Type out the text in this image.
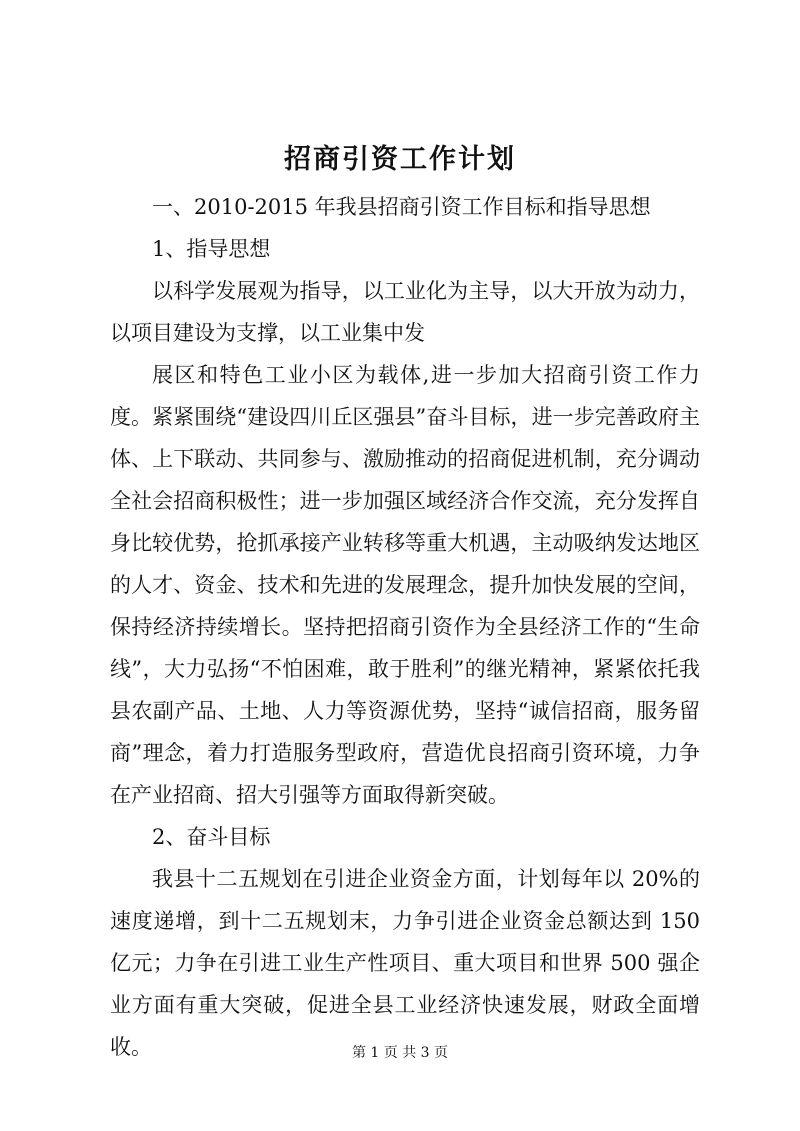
招商引资工作计划

一、2010-2015 年我县招商引资工作目标和指导思想

1、指导思想

以科学发展观为指导，以工业化为主导，以大开放为动力，以项目建设为支撑，以工业集中发

展区和特色工业小区为载体,进一步加大招商引资工作力度。紧紧围绕“建设四川丘区强县”奋斗目标，进一步完善政府主体、上下联动、共同参与、激励推动的招商促进机制，充分调动全社会招商积极性；进一步加强区域经济合作交流，充分发挥自身比较优势，抢抓承接产业转移等重大机遇，主动吸纳发达地区的人才、资金、技术和先进的发展理念，提升加快发展的空间，保持经济持续增长。坚持把招商引资作为全县经济工作的“生命线”，大力弘扬“不怕困难，敢于胜利”的继光精神，紧紧依托我县农副产品、土地、人力等资源优势，坚持“诚信招商，服务留商”理念，着力打造服务型政府，营造优良招商引资环境，力争在产业招商、招大引强等方面取得新突破。

2、奋斗目标

我县十二五规划在引进企业资金方面，计划每年以 20%的速度递增，到十二五规划末，力争引进企业资金总额达到 150 亿元；力争在引进工业生产性项目、重大项目和世界 500 强企业方面有重大突破，促进全县工业经济快速发展，财政全面增收。	第 1 页 共 3 页
